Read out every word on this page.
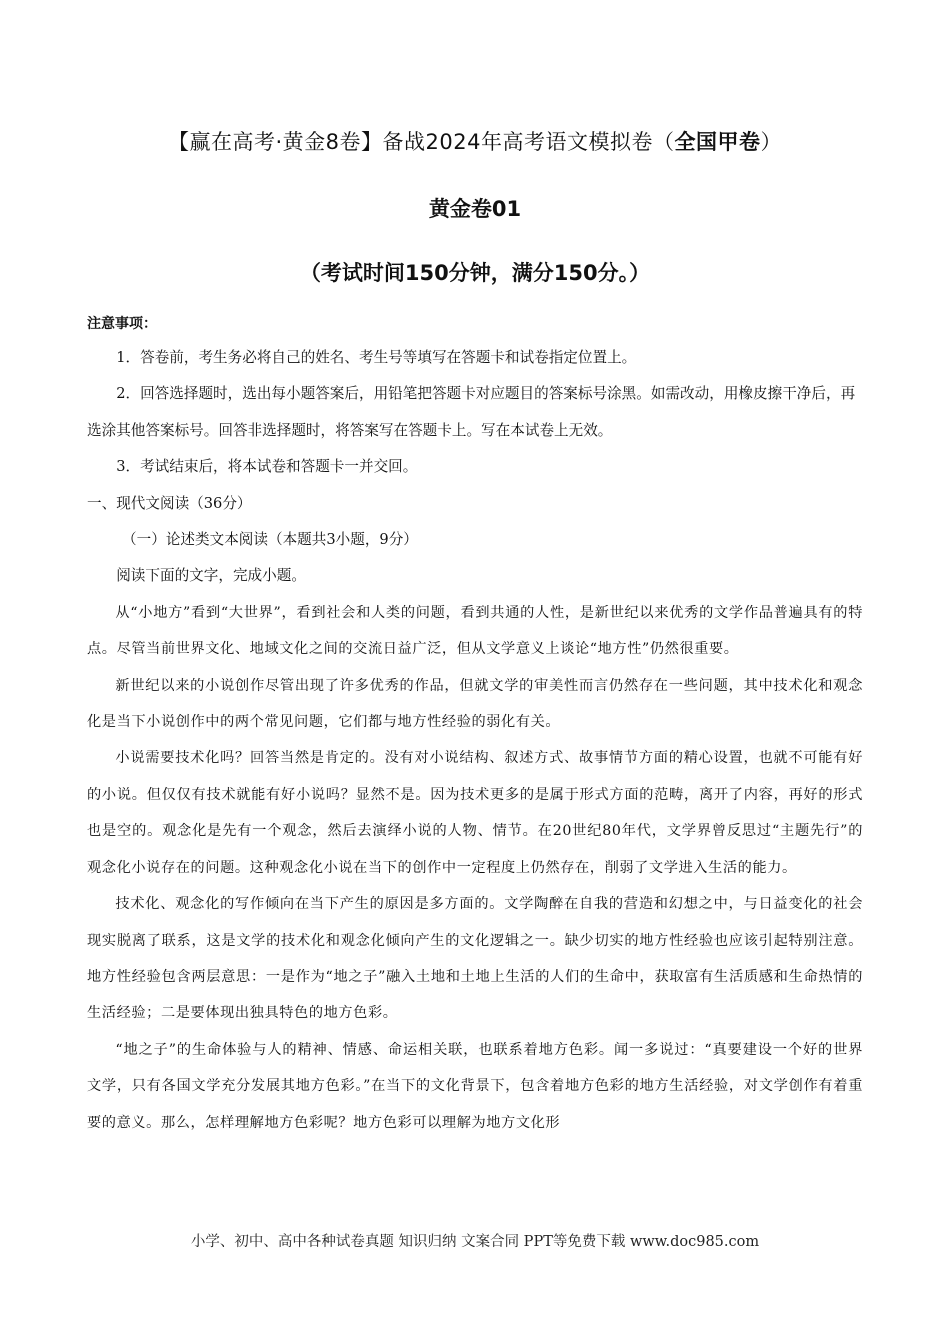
【赢在高考·黄金8卷】备战2024年高考语文模拟卷（全国甲卷）
黄金卷01
（考试时间150分钟，满分150分。）
注意事项：

1．答卷前，考生务必将自己的姓名、考生号等填写在答题卡和试卷指定位置上。

2．回答选择题时，选出每小题答案后，用铅笔把答题卡对应题目的答案标号涂黑。如需改动，用橡皮擦干净后，再选涂其他答案标号。回答非选择题时，将答案写在答题卡上。写在本试卷上无效。

3．考试结束后，将本试卷和答题卡一并交回。

一、现代文阅读（36分）

（一）论述类文本阅读（本题共3小题，9分）

阅读下面的文字，完成小题。

从“小地方”看到“大世界”，看到社会和人类的问题，看到共通的人性，是新世纪以来优秀的文学作品普遍具有的特点。尽管当前世界文化、地域文化之间的交流日益广泛，但从文学意义上谈论“地方性”仍然很重要。

新世纪以来的小说创作尽管出现了许多优秀的作品，但就文学的审美性而言仍然存在一些问题，其中技术化和观念化是当下小说创作中的两个常见问题，它们都与地方性经验的弱化有关。

小说需要技术化吗？回答当然是肯定的。没有对小说结构、叙述方式、故事情节方面的精心设置，也就不可能有好的小说。但仅仅有技术就能有好小说吗？显然不是。因为技术更多的是属于形式方面的范畴，离开了内容，再好的形式也是空的。观念化是先有一个观念，然后去演绎小说的人物、情节。在20世纪80年代，文学界曾反思过“主题先行”的观念化小说存在的问题。这种观念化小说在当下的创作中一定程度上仍然存在，削弱了文学进入生活的能力。

技术化、观念化的写作倾向在当下产生的原因是多方面的。文学陶醉在自我的营造和幻想之中，与日益变化的社会现实脱离了联系，这是文学的技术化和观念化倾向产生的文化逻辑之一。缺少切实的地方性经验也应该引起特别注意。地方性经验包含两层意思：一是作为“地之子”融入土地和土地上生活的人们的生命中，获取富有生活质感和生命热情的生活经验；二是要体现出独具特色的地方色彩。

“地之子”的生命体验与人的精神、情感、命运相关联，也联系着地方色彩。闻一多说过：“真要建设一个好的世界文学，只有各国文学充分发展其地方色彩。”在当下的文化背景下，包含着地方色彩的地方生活经验，对文学创作有着重要的意义。那么，怎样理解地方色彩呢？地方色彩可以理解为地方文化形

小学、初中、高中各种试卷真题 知识归纳 文案合同 PPT等免费下载 www.doc985.com
